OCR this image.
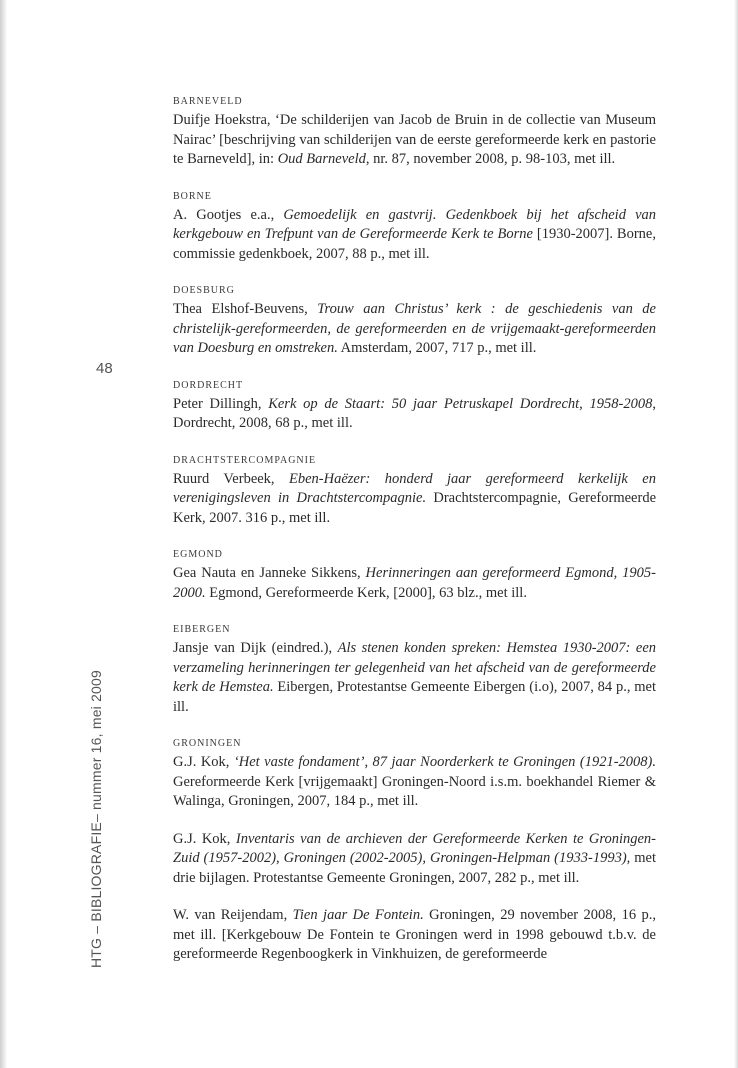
48
HTG – BIBLIOGRAFIE– nummer 16, mei 2009
BARNEVELD

Duifje Hoekstra, ‘De schilderijen van Jacob de Bruin in de collectie van Museum Nairac’ [beschrijving van schilderijen van de eerste gereformeerde kerk en pastorie te Barneveld], in: Oud Barneveld, nr. 87, november 2008, p. 98-103, met ill.

BORNE

A. Gootjes e.a., Gemoedelijk en gastvrij. Gedenkboek bij het afscheid van kerkgebouw en Trefpunt van de Gereformeerde Kerk te Borne [1930-2007]. Borne, commissie gedenkboek, 2007, 88 p., met ill.

DOESBURG

Thea Elshof-Beuvens, Trouw aan Christus’ kerk : de geschiedenis van de christelijk-gereformeerden, de gereformeerden en de vrijgemaakt-gereformeerden van Doesburg en omstreken. Amsterdam, 2007, 717 p., met ill.

DORDRECHT

Peter Dillingh, Kerk op de Staart: 50 jaar Petruskapel Dordrecht, 1958-2008, Dordrecht, 2008, 68 p., met ill.

DRACHTSTERCOMPAGNIE

Ruurd Verbeek, Eben-Haëzer: honderd jaar gereformeerd kerkelijk en verenigingsleven in Drachtstercompagnie. Drachtstercompagnie, Gereformeerde Kerk, 2007. 316 p., met ill.

EGMOND

Gea Nauta en Janneke Sikkens, Herinneringen aan gereformeerd Egmond, 1905-2000. Egmond, Gereformeerde Kerk, [2000], 63 blz., met ill.

EIBERGEN

Jansje van Dijk (eindred.), Als stenen konden spreken: Hemstea 1930-2007: een verzameling herinneringen ter gelegenheid van het afscheid van de gereformeerde kerk de Hemstea. Eibergen, Protestantse Gemeente Eibergen (i.o), 2007, 84 p., met ill.

GRONINGEN

G.J. Kok, ‘Het vaste fondament’, 87 jaar Noorderkerk te Groningen (1921-2008). Gereformeerde Kerk [vrijgemaakt] Groningen-Noord i.s.m. boekhandel Riemer & Walinga, Groningen, 2007, 184 p., met ill.

G.J. Kok, Inventaris van de archieven der Gereformeerde Kerken te Groningen-Zuid (1957-2002), Groningen (2002-2005), Groningen-Helpman (1933-1993), met drie bijlagen. Protestantse Gemeente Groningen, 2007, 282 p., met ill.

W. van Reijendam, Tien jaar De Fontein. Groningen, 29 november 2008, 16 p., met ill. [Kerkgebouw De Fontein te Groningen werd in 1998 gebouwd t.b.v. de gereformeerde Regenboogkerk in Vinkhuizen, de gereformeerde
